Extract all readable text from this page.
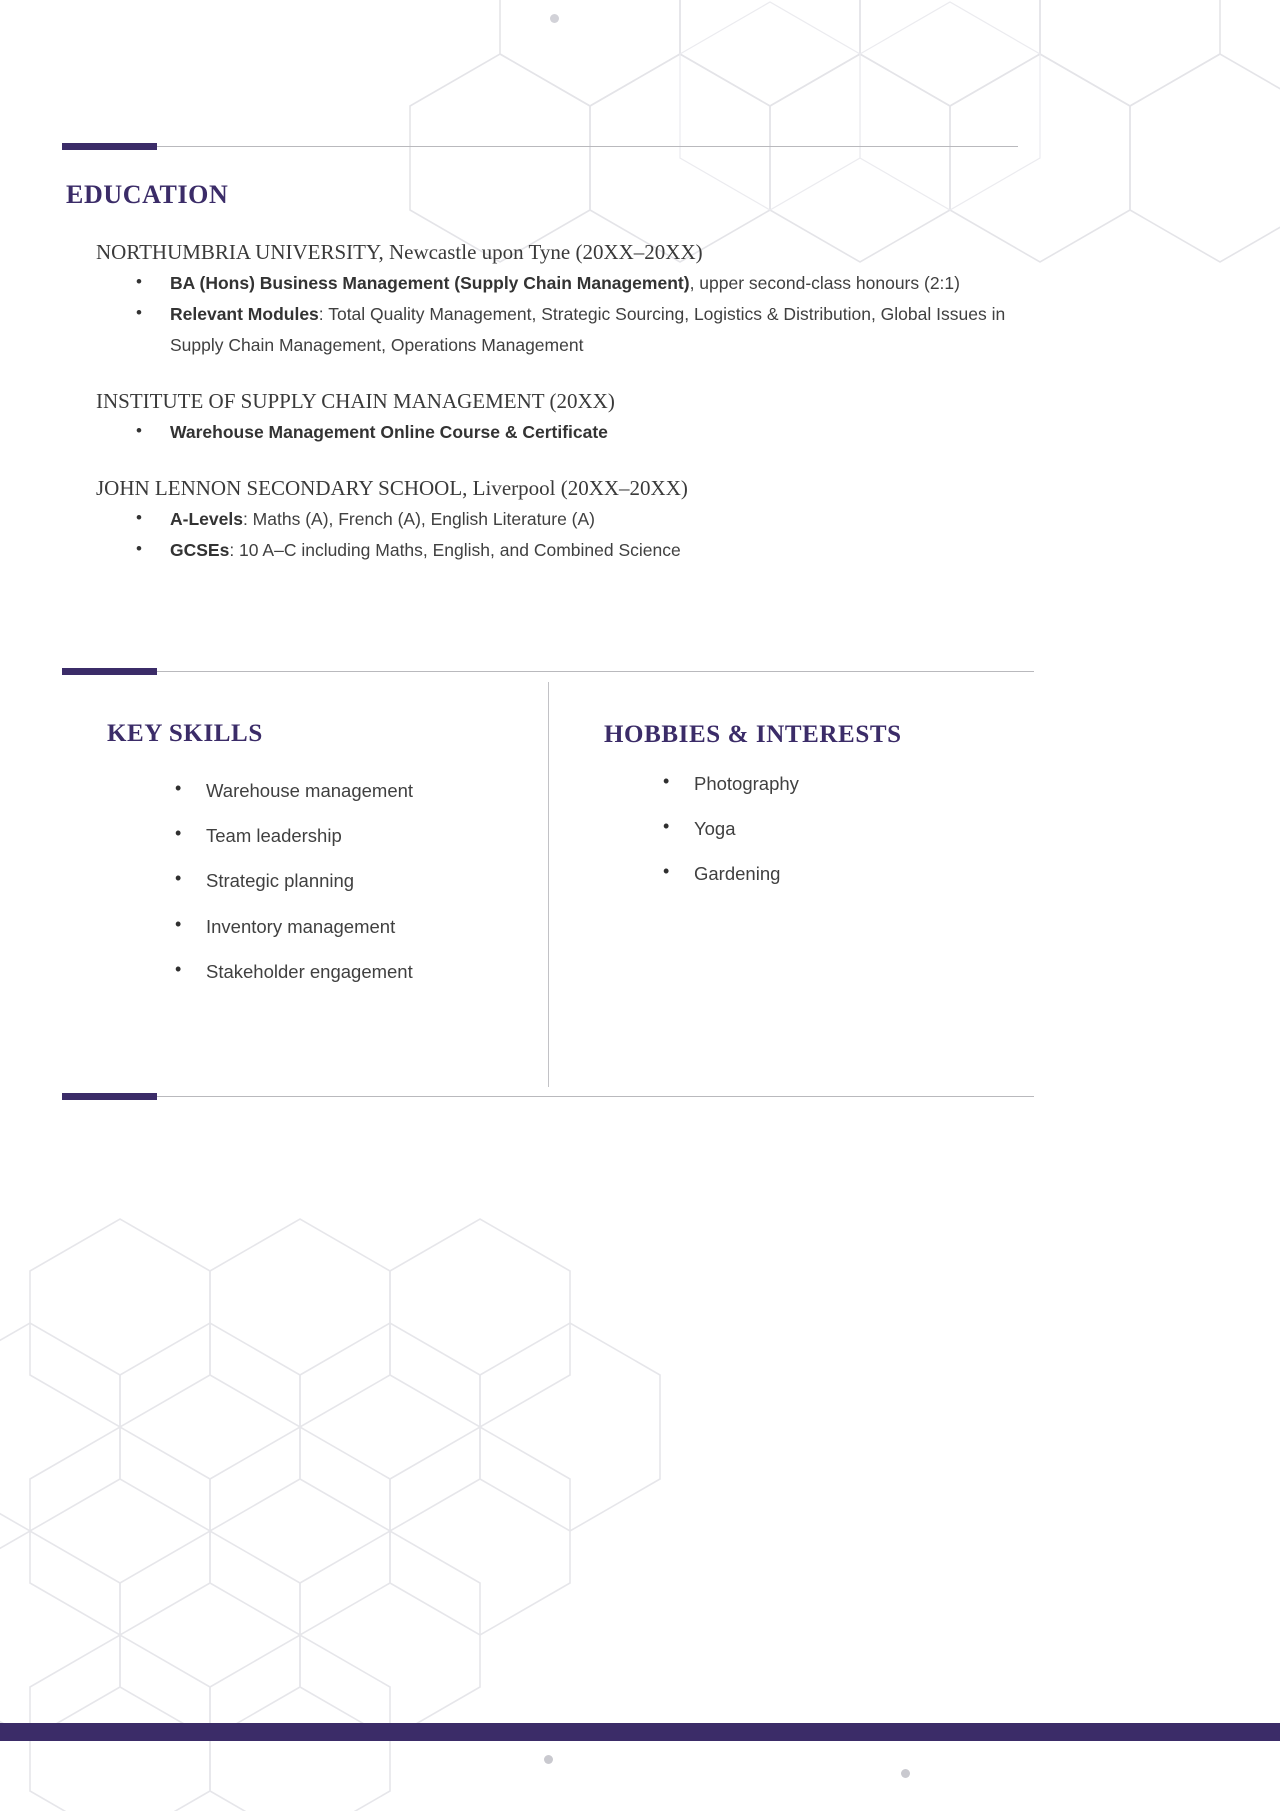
EDUCATION

NORTHUMBRIA UNIVERSITY, Newcastle upon Tyne (20XX–20XX)

• BA (Hons) Business Management (Supply Chain Management), upper second-class honours (2:1)
• Relevant Modules: Total Quality Management, Strategic Sourcing, Logistics & Distribution, Global Issues in Supply Chain Management, Operations Management

INSTITUTE OF SUPPLY CHAIN MANAGEMENT (20XX)

• Warehouse Management Online Course & Certificate

JOHN LENNON SECONDARY SCHOOL, Liverpool (20XX–20XX)

• A-Levels: Maths (A), French (A), English Literature (A)
• GCSEs: 10 A–C including Maths, English, and Combined Science
KEY SKILLS	HOBBIES & INTERESTS
• Warehouse management
• Team leadership
• Strategic planning
• Inventory management
• Stakeholder engagement
• Photography
• Yoga
• Gardening
